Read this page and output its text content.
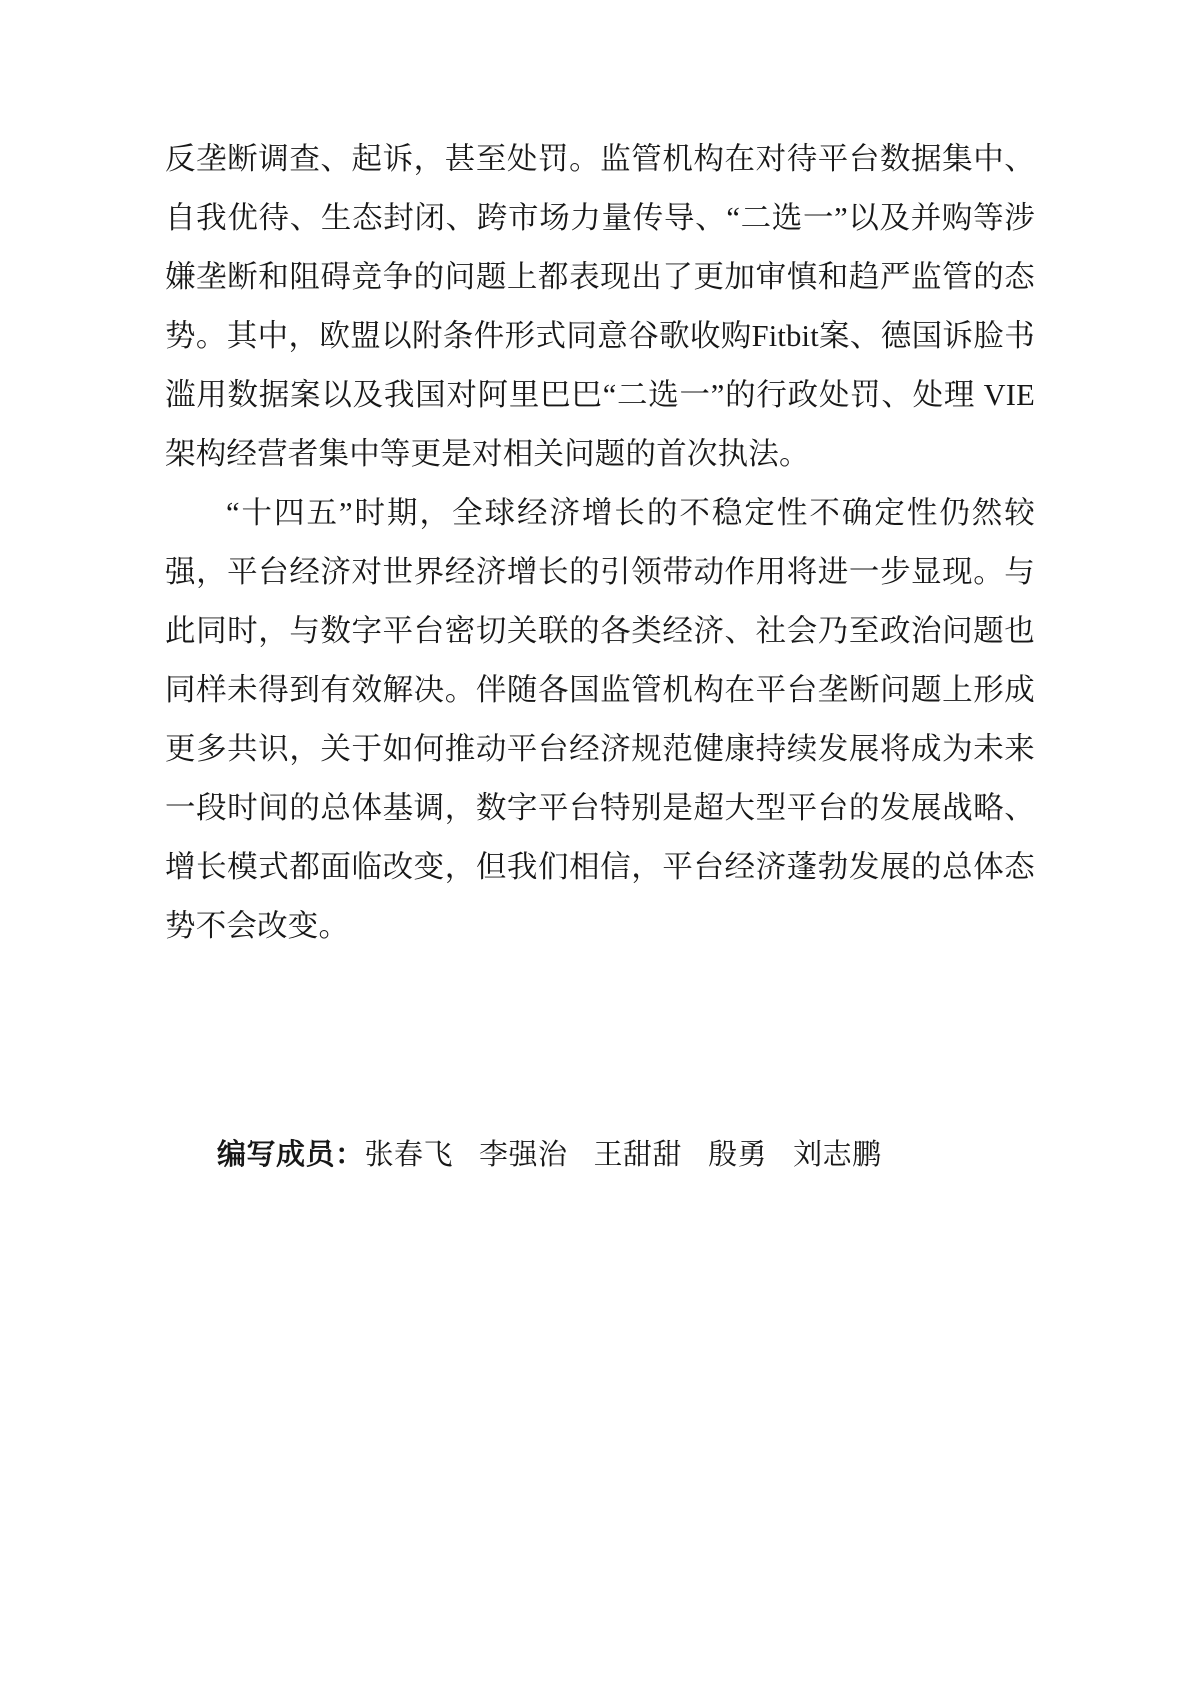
反垄断调查、起诉，甚至处罚。监管机构在对待平台数据集中、自我优待、生态封闭、跨市场力量传导、“二选一”以及并购等涉嫌垄断和阻碍竞争的问题上都表现出了更加审慎和趋严监管的态势。其中，欧盟以附条件形式同意谷歌收购Fitbit案、德国诉脸书滥用数据案以及我国对阿里巴巴“二选一”的行政处罚、处理 VIE 架构经营者集中等更是对相关问题的首次执法。

“十四五”时期，全球经济增长的不稳定性不确定性仍然较强，平台经济对世界经济增长的引领带动作用将进一步显现。与此同时，与数字平台密切关联的各类经济、社会乃至政治问题也同样未得到有效解决。伴随各国监管机构在平台垄断问题上形成更多共识，关于如何推动平台经济规范健康持续发展将成为未来一段时间的总体基调，数字平台特别是超大型平台的发展战略、增长模式都面临改变，但我们相信，平台经济蓬勃发展的总体态势不会改变。

编写成员：张春飞 李强治 王甜甜 殷勇 刘志鹏
